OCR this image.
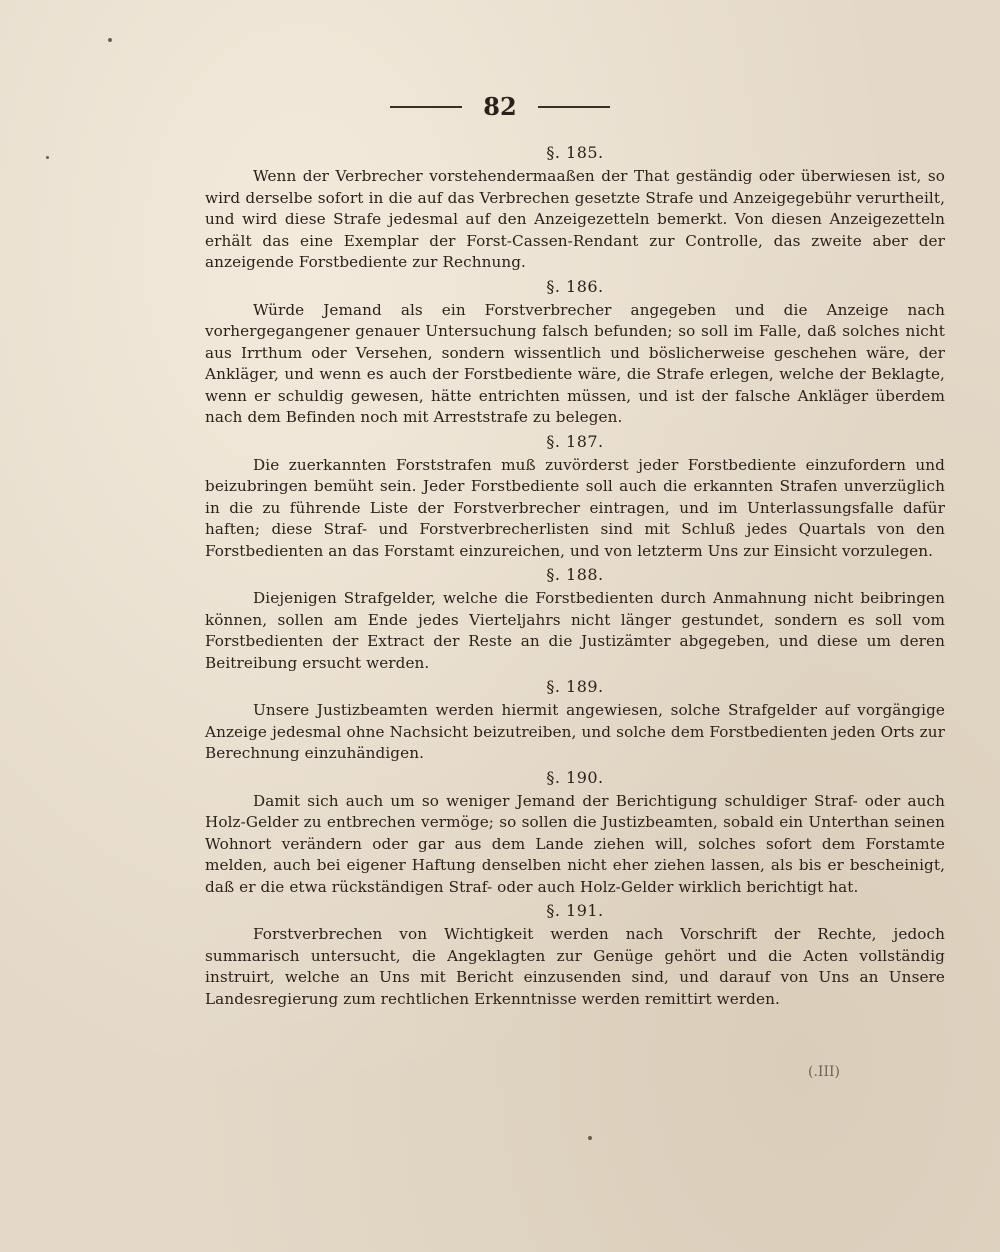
82
§. 185.

Wenn der Verbrecher vorstehendermaaßen der That geständig oder überwiesen ist, so wird derselbe sofort in die auf das Verbrechen gesetzte Strafe und Anzeigegebühr verurtheilt, und wird diese Strafe jedesmal auf den Anzeigezetteln bemerkt. Von diesen Anzeigezetteln erhält das eine Exemplar der Forst-Cassen-Rendant zur Controlle, das zweite aber der anzeigende Forstbediente zur Rechnung.

§. 186.

Würde Jemand als ein Forstverbrecher angegeben und die Anzeige nach vorhergegangener genauer Untersuchung falsch befunden; so soll im Falle, daß solches nicht aus Irrthum oder Versehen, sondern wissentlich und böslicherweise geschehen wäre, der Ankläger, und wenn es auch der Forstbediente wäre, die Strafe erlegen, welche der Beklagte, wenn er schuldig gewesen, hätte entrichten müssen, und ist der falsche Ankläger überdem nach dem Befinden noch mit Arreststrafe zu belegen.

§. 187.

Die zuerkannten Forststrafen muß zuvörderst jeder Forstbediente einzufordern und beizubringen bemüht sein. Jeder Forstbediente soll auch die erkannten Strafen unverzüglich in die zu führende Liste der Forstverbrecher eintragen, und im Unterlassungsfalle dafür haften; diese Straf- und Forstverbrecherlisten sind mit Schluß jedes Quartals von den Forstbedienten an das Forstamt einzureichen, und von letzterm Uns zur Einsicht vorzulegen.

§. 188.

Diejenigen Strafgelder, welche die Forstbedienten durch Anmahnung nicht beibringen können, sollen am Ende jedes Vierteljahrs nicht länger gestundet, sondern es soll vom Forstbedienten der Extract der Reste an die Justizämter abgegeben, und diese um deren Beitreibung ersucht werden.

§. 189.

Unsere Justizbeamten werden hiermit angewiesen, solche Strafgelder auf vorgängige Anzeige jedesmal ohne Nachsicht beizutreiben, und solche dem Forstbedienten jeden Orts zur Berechnung einzuhändigen.

§. 190.

Damit sich auch um so weniger Jemand der Berichtigung schuldiger Straf- oder auch Holz-Gelder zu entbrechen vermöge; so sollen die Justizbeamten, sobald ein Unterthan seinen Wohnort verändern oder gar aus dem Lande ziehen will, solches sofort dem Forstamte melden, auch bei eigener Haftung denselben nicht eher ziehen lassen, als bis er bescheinigt, daß er die etwa rückständigen Straf- oder auch Holz-Gelder wirklich berichtigt hat.

§. 191.

Forstverbrechen von Wichtigkeit werden nach Vorschrift der Rechte, jedoch summarisch untersucht, die Angeklagten zur Genüge gehört und die Acten vollständig instruirt, welche an Uns mit Bericht einzusenden sind, und darauf von Uns an Unsere Landesregierung zum rechtlichen Erkenntnisse werden remittirt werden.

(.III)
